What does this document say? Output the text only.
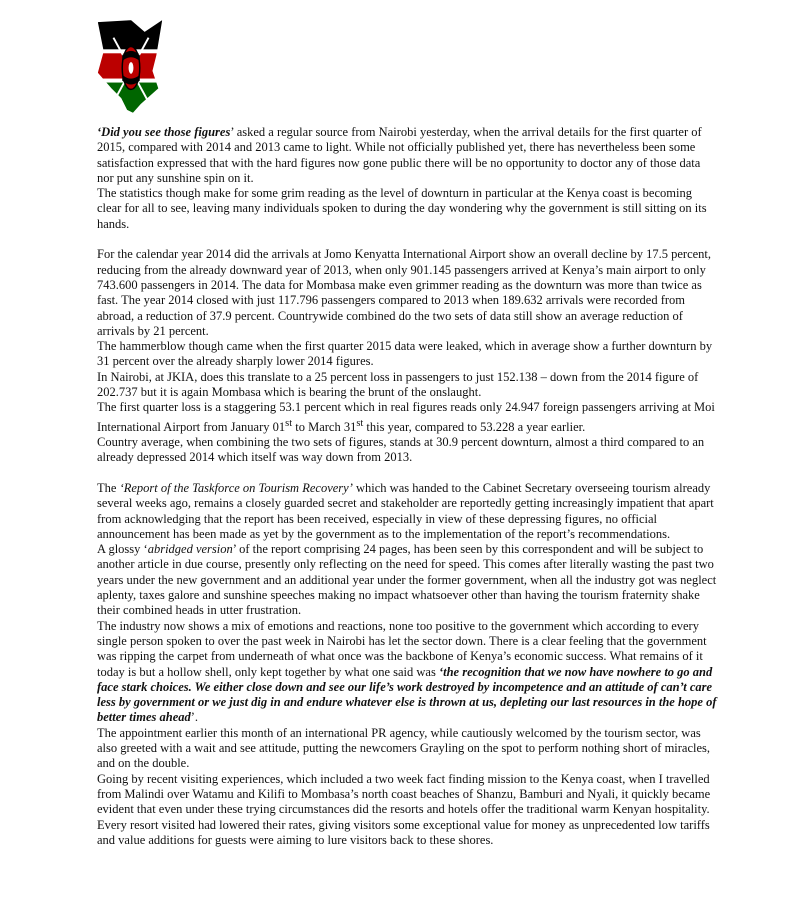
‘Did you see those figures’ asked a regular source from Nairobi yesterday, when the arrival details for the first quarter of 2015, compared with 2014 and 2013 came to light. While not officially published yet, there has nevertheless been some satisfaction expressed that with the hard figures now gone public there will be no opportunity to doctor any of those data nor put any sunshine spin on it.

The statistics though make for some grim reading as the level of downturn in particular at the Kenya coast is becoming clear for all to see, leaving many individuals spoken to during the day wondering why the government is still sitting on its hands.

For the calendar year 2014 did the arrivals at Jomo Kenyatta International Airport show an overall decline by 17.5 percent, reducing from the already downward year of 2013, when only 901.145 passengers arrived at Kenya’s main airport to only 743.600 passengers in 2014. The data for Mombasa make even grimmer reading as the downturn was more than twice as fast. The year 2014 closed with just 117.796 passengers compared to 2013 when 189.632 arrivals were recorded from abroad, a reduction of 37.9 percent. Countrywide combined do the two sets of data still show an average reduction of arrivals by 21 percent.

The hammerblow though came when the first quarter 2015 data were leaked, which in average show a further downturn by 31 percent over the already sharply lower 2014 figures.

In Nairobi, at JKIA, does this translate to a 25 percent loss in passengers to just 152.138 – down from the 2014 figure of 202.737 but it is again Mombasa which is bearing the brunt of the onslaught.

The first quarter loss is a staggering 53.1 percent which in real figures reads only 24.947 foreign passengers arriving at Moi International Airport from January 01st to March 31st this year, compared to 53.228 a year earlier.

Country average, when combining the two sets of figures, stands at 30.9 percent downturn, almost a third compared to an already depressed 2014 which itself was way down from 2013.

The ‘Report of the Taskforce on Tourism Recovery’ which was handed to the Cabinet Secretary overseeing tourism already several weeks ago, remains a closely guarded secret and stakeholder are reportedly getting increasingly impatient that apart from acknowledging that the report has been received, especially in view of these depressing figures, no official announcement has been made as yet by the government as to the implementation of the report’s recommendations.

A glossy ‘abridged version’ of the report comprising 24 pages, has been seen by this correspondent and will be subject to another article in due course, presently only reflecting on the need for speed. This comes after literally wasting the past two years under the new government and an additional year under the former government, when all the industry got was neglect aplenty, taxes galore and sunshine speeches making no impact whatsoever other than having the tourism fraternity shake their combined heads in utter frustration.

The industry now shows a mix of emotions and reactions, none too positive to the government which according to every single person spoken to over the past week in Nairobi has let the sector down. There is a clear feeling that the government was ripping the carpet from underneath of what once was the backbone of Kenya’s economic success. What remains of it today is but a hollow shell, only kept together by what one said was ‘the recognition that we now have nowhere to go and face stark choices. We either close down and see our life’s work destroyed by incompetence and an attitude of can’t care less by government or we just dig in and endure whatever else is thrown at us, depleting our last resources in the hope of better times ahead’.

The appointment earlier this month of an international PR agency, while cautiously welcomed by the tourism sector, was also greeted with a wait and see attitude, putting the newcomers Grayling on the spot to perform nothing short of miracles, and on the double.

Going by recent visiting experiences, which included a two week fact finding mission to the Kenya coast, when I travelled from Malindi over Watamu and Kilifi to Mombasa’s north coast beaches of Shanzu, Bamburi and Nyali, it quickly became evident that even under these trying circumstances did the resorts and hotels offer the traditional warm Kenyan hospitality. Every resort visited had lowered their rates, giving visitors some exceptional value for money as unprecedented low tariffs and value additions for guests were aiming to lure visitors back to these shores.
